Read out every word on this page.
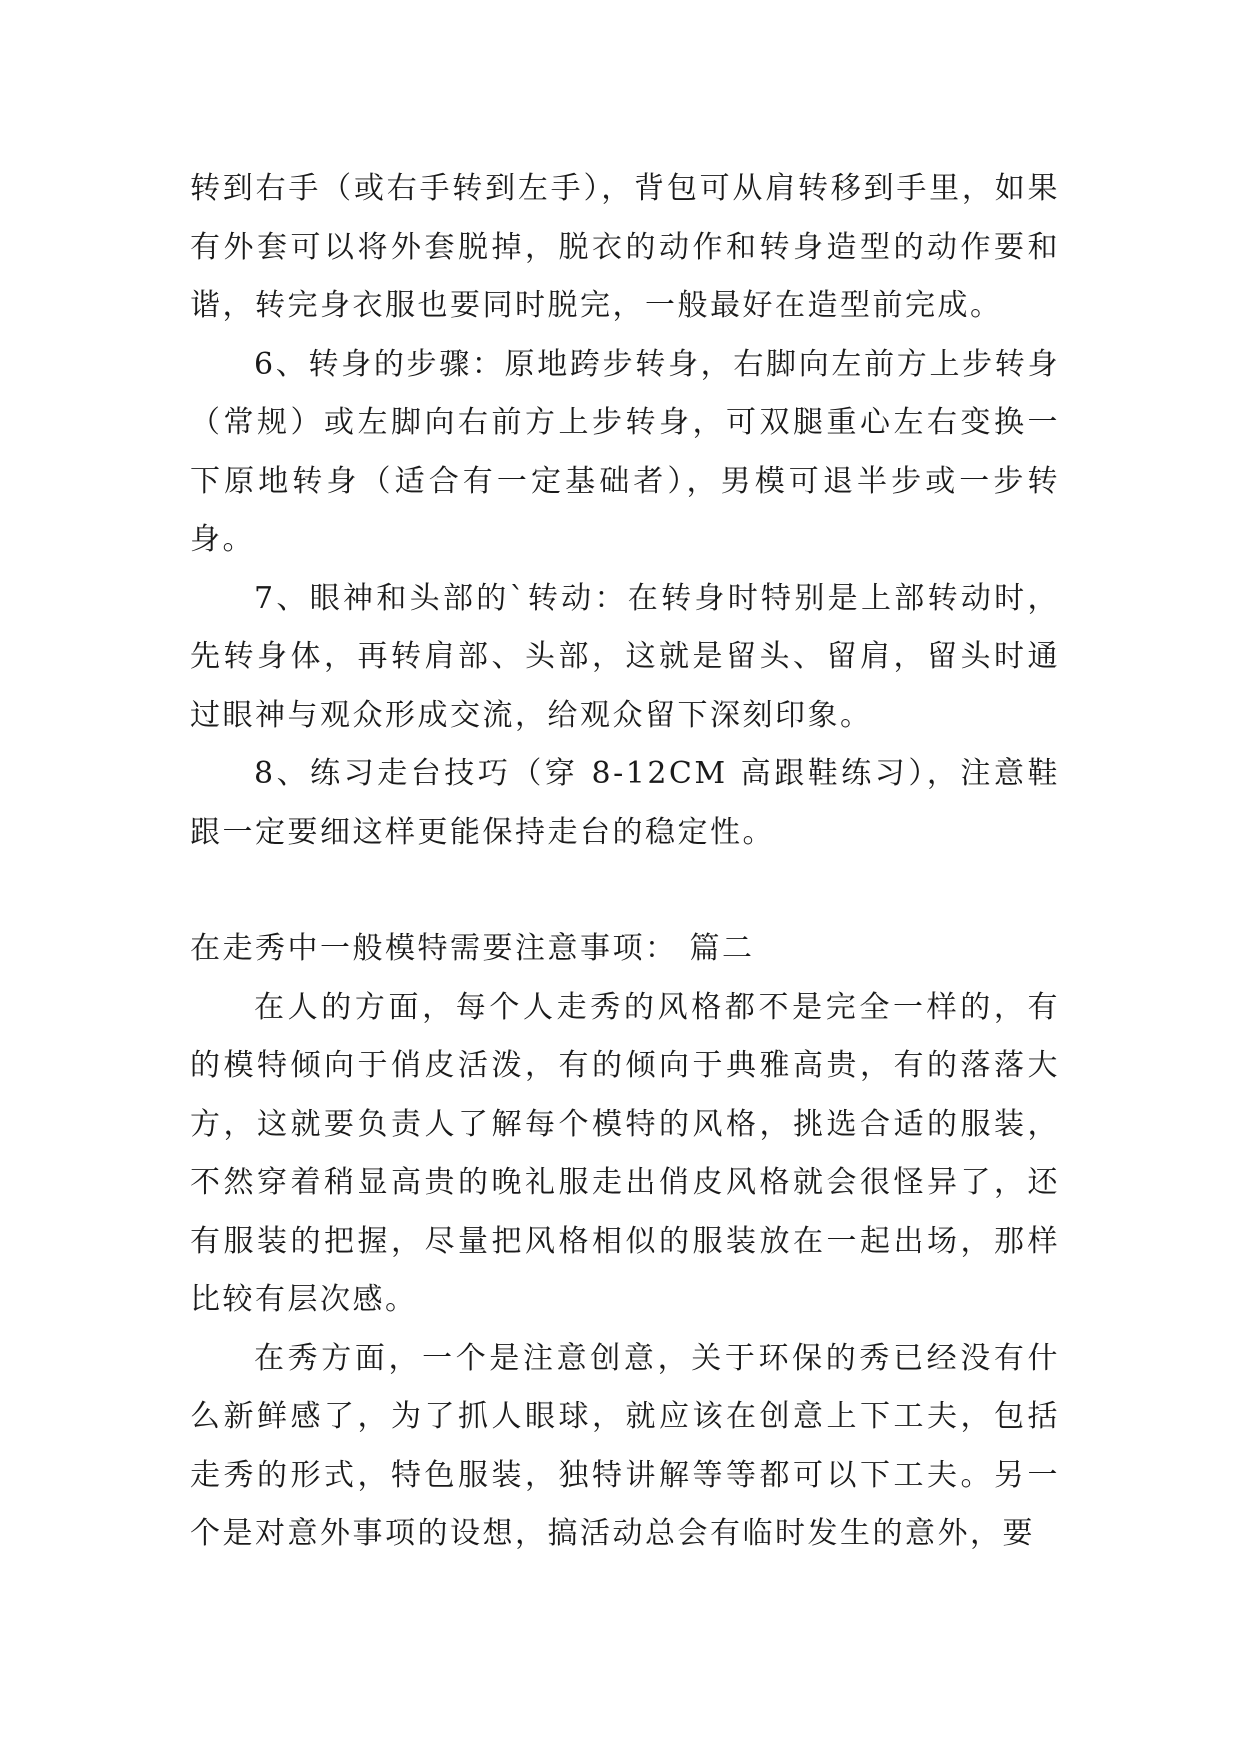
转到右手（或右手转到左手），背包可从肩转移到手里，如果有外套可以将外套脱掉，脱衣的动作和转身造型的动作要和谐，转完身衣服也要同时脱完，一般最好在造型前完成。

6、转身的步骤：原地跨步转身，右脚向左前方上步转身（常规）或左脚向右前方上步转身，可双腿重心左右变换一下原地转身（适合有一定基础者），男模可退半步或一步转身。

7、眼神和头部的`转动：在转身时特别是上部转动时，先转身体，再转肩部、头部，这就是留头、留肩，留头时通过眼神与观众形成交流，给观众留下深刻印象。

8、练习走台技巧（穿 8-12CM 高跟鞋练习），注意鞋跟一定要细这样更能保持走台的稳定性。

在走秀中一般模特需要注意事项： 篇二

在人的方面，每个人走秀的风格都不是完全一样的，有的模特倾向于俏皮活泼，有的倾向于典雅高贵，有的落落大方，这就要负责人了解每个模特的风格，挑选合适的服装，不然穿着稍显高贵的晚礼服走出俏皮风格就会很怪异了，还有服装的把握，尽量把风格相似的服装放在一起出场，那样比较有层次感。

在秀方面，一个是注意创意，关于环保的秀已经没有什么新鲜感了，为了抓人眼球，就应该在创意上下工夫，包括走秀的形式，特色服装，独特讲解等等都可以下工夫。另一个是对意外事项的设想，搞活动总会有临时发生的意外，要
